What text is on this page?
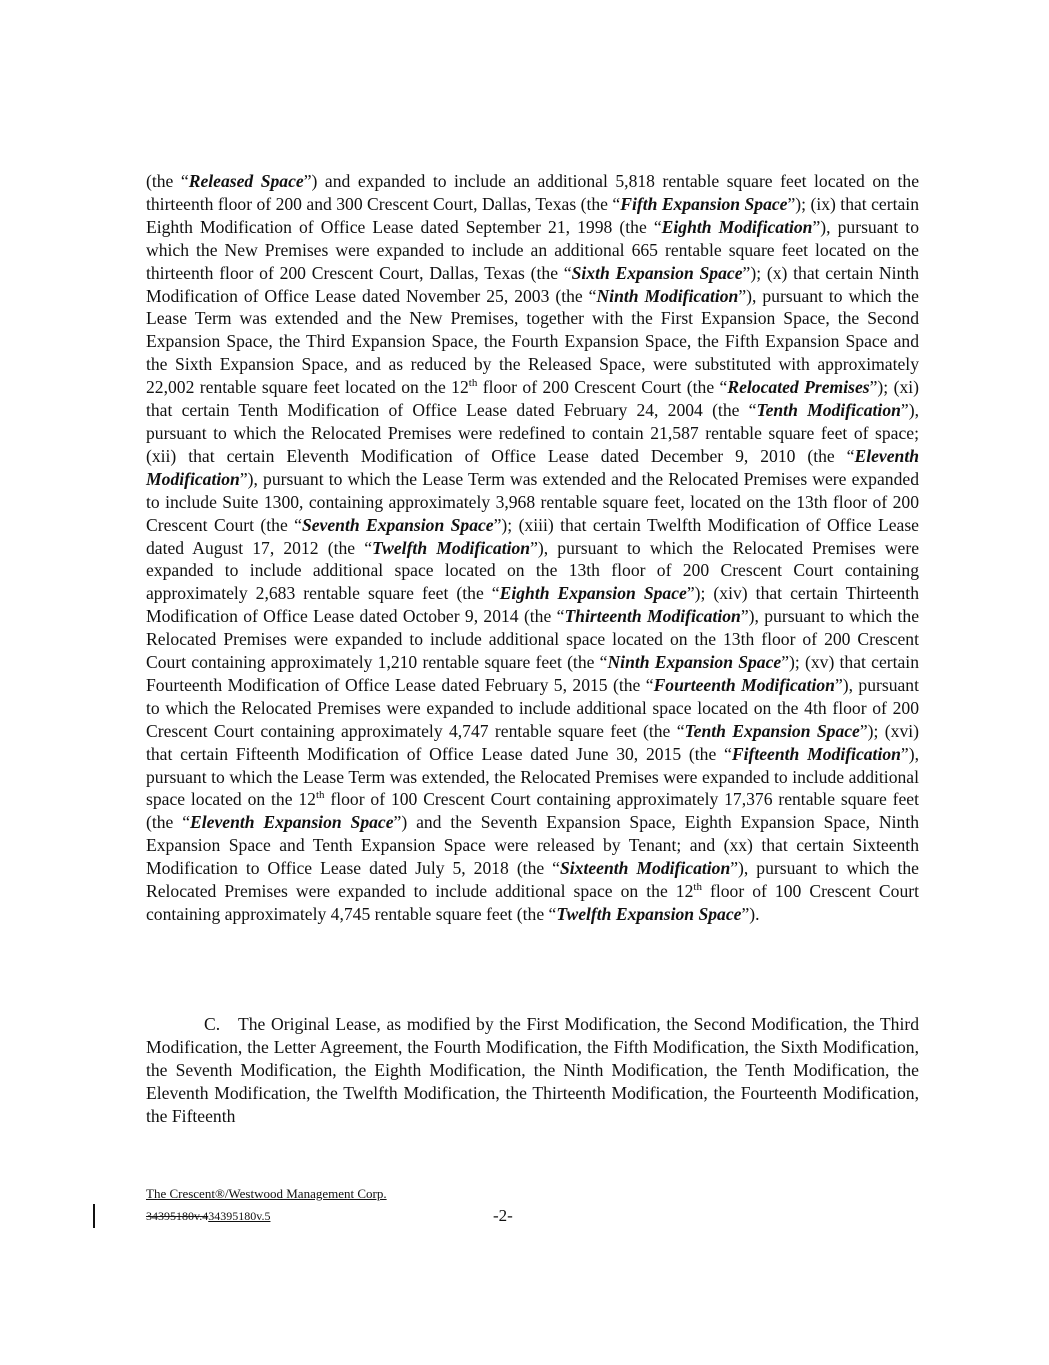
(the “Released Space”) and expanded to include an additional 5,818 rentable square feet located on the thirteenth floor of 200 and 300 Crescent Court, Dallas, Texas (the “Fifth Expansion Space”); (ix) that certain Eighth Modification of Office Lease dated September 21, 1998 (the “Eighth Modification”), pursuant to which the New Premises were expanded to include an additional 665 rentable square feet located on the thirteenth floor of 200 Crescent Court, Dallas, Texas (the “Sixth Expansion Space”); (x) that certain Ninth Modification of Office Lease dated November 25, 2003 (the “Ninth Modification”), pursuant to which the Lease Term was extended and the New Premises, together with the First Expansion Space, the Second Expansion Space, the Third Expansion Space, the Fourth Expansion Space, the Fifth Expansion Space and the Sixth Expansion Space, and as reduced by the Released Space, were substituted with approximately 22,002 rentable square feet located on the 12th floor of 200 Crescent Court (the “Relocated Premises”); (xi) that certain Tenth Modification of Office Lease dated February 24, 2004 (the “Tenth Modification”), pursuant to which the Relocated Premises were redefined to contain 21,587 rentable square feet of space; (xii) that certain Eleventh Modification of Office Lease dated December 9, 2010 (the “Eleventh Modification”), pursuant to which the Lease Term was extended and the Relocated Premises were expanded to include Suite 1300, containing approximately 3,968 rentable square feet, located on the 13th floor of 200 Crescent Court (the “Seventh Expansion Space”); (xiii) that certain Twelfth Modification of Office Lease dated August 17, 2012 (the “Twelfth Modification”), pursuant to which the Relocated Premises were expanded to include additional space located on the 13th floor of 200 Crescent Court containing approximately 2,683 rentable square feet (the “Eighth Expansion Space”); (xiv) that certain Thirteenth Modification of Office Lease dated October 9, 2014 (the “Thirteenth Modification”), pursuant to which the Relocated Premises were expanded to include additional space located on the 13th floor of 200 Crescent Court containing approximately 1,210 rentable square feet (the “Ninth Expansion Space”); (xv) that certain Fourteenth Modification of Office Lease dated February 5, 2015 (the “Fourteenth Modification”), pursuant to which the Relocated Premises were expanded to include additional space located on the 4th floor of 200 Crescent Court containing approximately 4,747 rentable square feet (the “Tenth Expansion Space”); (xvi) that certain Fifteenth Modification of Office Lease dated June 30, 2015 (the “Fifteenth Modification”), pursuant to which the Lease Term was extended, the Relocated Premises were expanded to include additional space located on the 12th floor of 100 Crescent Court containing approximately 17,376 rentable square feet (the “Eleventh Expansion Space”) and the Seventh Expansion Space, Eighth Expansion Space, Ninth Expansion Space and Tenth Expansion Space were released by Tenant; and (xx) that certain Sixteenth Modification to Office Lease dated July 5, 2018 (the “Sixteenth Modification”), pursuant to which the Relocated Premises were expanded to include additional space on the 12th floor of 100 Crescent Court containing approximately 4,745 rentable square feet (the “Twelfth Expansion Space”).

C. The Original Lease, as modified by the First Modification, the Second Modification, the Third Modification, the Letter Agreement, the Fourth Modification, the Fifth Modification, the Sixth Modification, the Seventh Modification, the Eighth Modification, the Ninth Modification, the Tenth Modification, the Eleventh Modification, the Twelfth Modification, the Thirteenth Modification, the Fourteenth Modification, the Fifteenth

The Crescent®/Westwood Management Corp.
34395180v.434395180v.5	-2-
